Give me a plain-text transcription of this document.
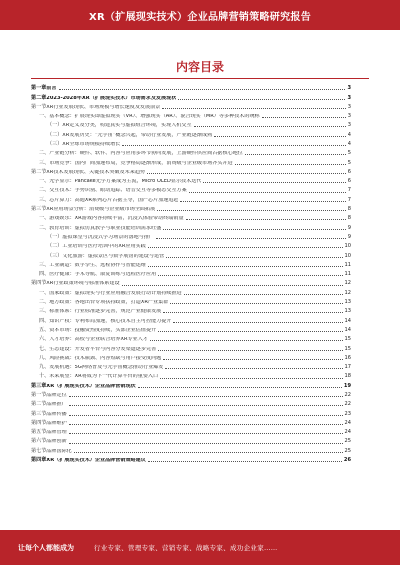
XR（扩展现实技术）企业品牌营销策略研究报告
内容目录
第一章 前言	3
第二章 2023-2028年XR（扩展现实技术）市场需求及发展现状	3
第一节 XR行业发展现状、市场规模与增长速度及发展前景	3
一、 基本概念：扩展现实即虚拟现实（VR）、增强现实（AR）、混合现实（MR）等多种技术的统称	3
（一） XR定义及分类，构建真实与虚拟组合环境，实现人机交互	3
（二） XR发展历史：“元宇宙”概念兴起，带动行业发展，产业链逐渐成熟	4
（三） XR全球市场规模持续增长	4
二、 产业链分析：硬件、软件、内容与应用多环节协同发展，上游硬件供应商占据核心地位	5
三、 市场竞争：国内厂商加速布局，竞争格局逐渐形成，消费级与企业级市场齐头并进	5
第二节 XR技术发展现状、关键技术突破及未来趋势	6
一、 光学显示：Pancake光学方案成为主流，Micro OLED显示技术迭代	6
二、 交互技术：手势识别、眼动追踪、语音交互等多模态交互方案	7
三、 芯片算力：高通XR系列芯片占据主导，国产芯片加速追赶	7
第三节 XR应用场景分析：消费级与企业级市场全面拓展	8
一、 游戏娱乐：XR游戏内容持续丰富，沉浸式体验带动终端销量	8
二、 教育培训：虚拟仿真教学与职业技能培训需求旺盛	9
（一） 虚拟课堂与沉浸式学习场景的落地与推广	9
（二） 工业培训与医疗培训中的XR应用实践	10
（三） 文化旅游：虚拟景区与数字展馆的建设与运营	10
三、 工业制造：数字孪生、远程协作与智能运维	11
四、 医疗健康：手术导航、康复训练与远程医疗应用	11
第四节 XR行业政策环境与标准体系建设	12
一、 国家政策：虚拟现实与行业应用融合发展行动计划持续推进	12
二、 地方政策：各地出台专项扶持政策，打造XR产业集群	13
三、 标准体系：行业标准逐步完善，规范产业健康发展	13
四、 知识产权：专利布局加速，核心技术自主可控能力提升	14
五、 资本市场：投融资热度持续，头部企业估值提升	14
六、 人才培养：高校与企业联合培养XR专业人才	15
七、 生态建设：开发者平台与内容分发渠道逐步完善	15
八、 风险挑战：技术瓶颈、内容短缺与用户接受度问题	16
九、 发展机遇：5G网络普及与元宇宙概念推动行业爆发	17
十、 未来展望：XR将成为下一代计算平台的重要入口	18
第三章 XR（扩展现实技术）企业品牌营销现状	19
第一节 品牌定位	22
第二节 品牌推广	22
第三节 品牌传播	23
第四节 品牌维护	24
第五节 品牌管理	24
第六节 品牌创新	25
第七节 品牌国际化	25
第四章 XR（扩展现实技术）企业品牌营销策略建议	26
让每个人都能成为	行业专家、管理专家、营销专家、战略专家、成功企业家……
